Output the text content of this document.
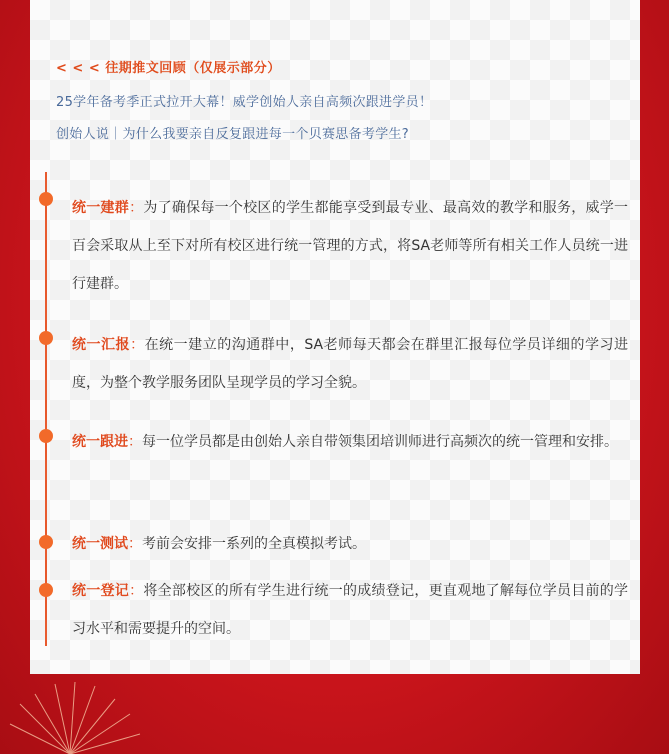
< < < 往期推文回顾（仅展示部分）
25学年备考季正式拉开大幕！威学创始人亲自高频次跟进学员！
创始人说｜为什么我要亲自反复跟进每一个贝赛思备考学生?
统一建群：为了确保每一个校区的学生都能享受到最专业、最高效的教学和服务，威学一百会采取从上至下对所有校区进行统一管理的方式，将SA老师等所有相关工作人员统一进行建群。
统一汇报：在统一建立的沟通群中，SA老师每天都会在群里汇报每位学员详细的学习进度，为整个教学服务团队呈现学员的学习全貌。
统一跟进：每一位学员都是由创始人亲自带领集团培训师进行高频次的统一管理和安排。
统一测试：考前会安排一系列的全真模拟考试。
统一登记：将全部校区的所有学生进行统一的成绩登记，更直观地了解每位学员目前的学习水平和需要提升的空间。
